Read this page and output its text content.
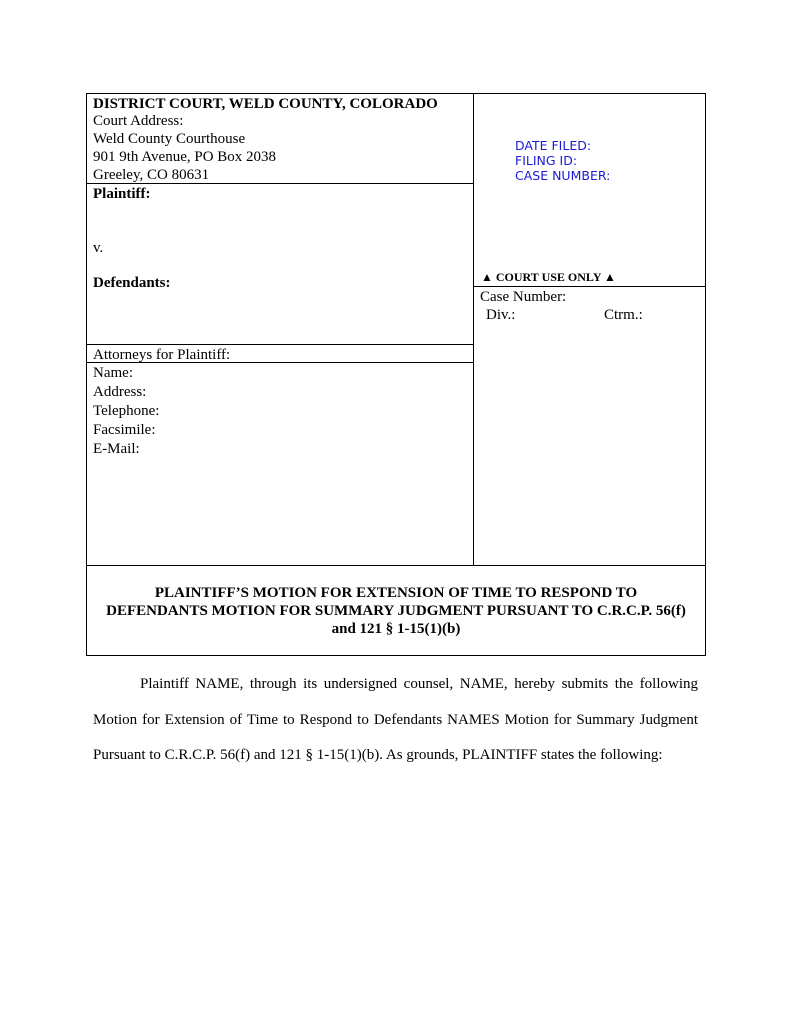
DISTRICT COURT, WELD COUNTY, COLORADO
Court Address:
Weld County Courthouse
901 9th Avenue, PO Box 2038
Greeley, CO 80631
Plaintiff:
v.
Defendants:
Attorneys for Plaintiff:
Name:
Address:
Telephone:
Facsimile:
E-Mail:
DATE FILED:
FILING ID:
CASE NUMBER:
▲ COURT USE ONLY ▲
Case Number:
Div.:	Ctrm.:
PLAINTIFF’S MOTION FOR EXTENSION OF TIME TO RESPOND TO
DEFENDANTS MOTION FOR SUMMARY JUDGMENT PURSUANT TO C.R.C.P. 56(f)
and 121 § 1-15(1)(b)

Plaintiff NAME, through its undersigned counsel, NAME, hereby submits the following Motion for Extension of Time to Respond to Defendants NAMES Motion for Summary Judgment Pursuant to C.R.C.P. 56(f) and 121 § 1-15(1)(b). As grounds, PLAINTIFF states the following:
